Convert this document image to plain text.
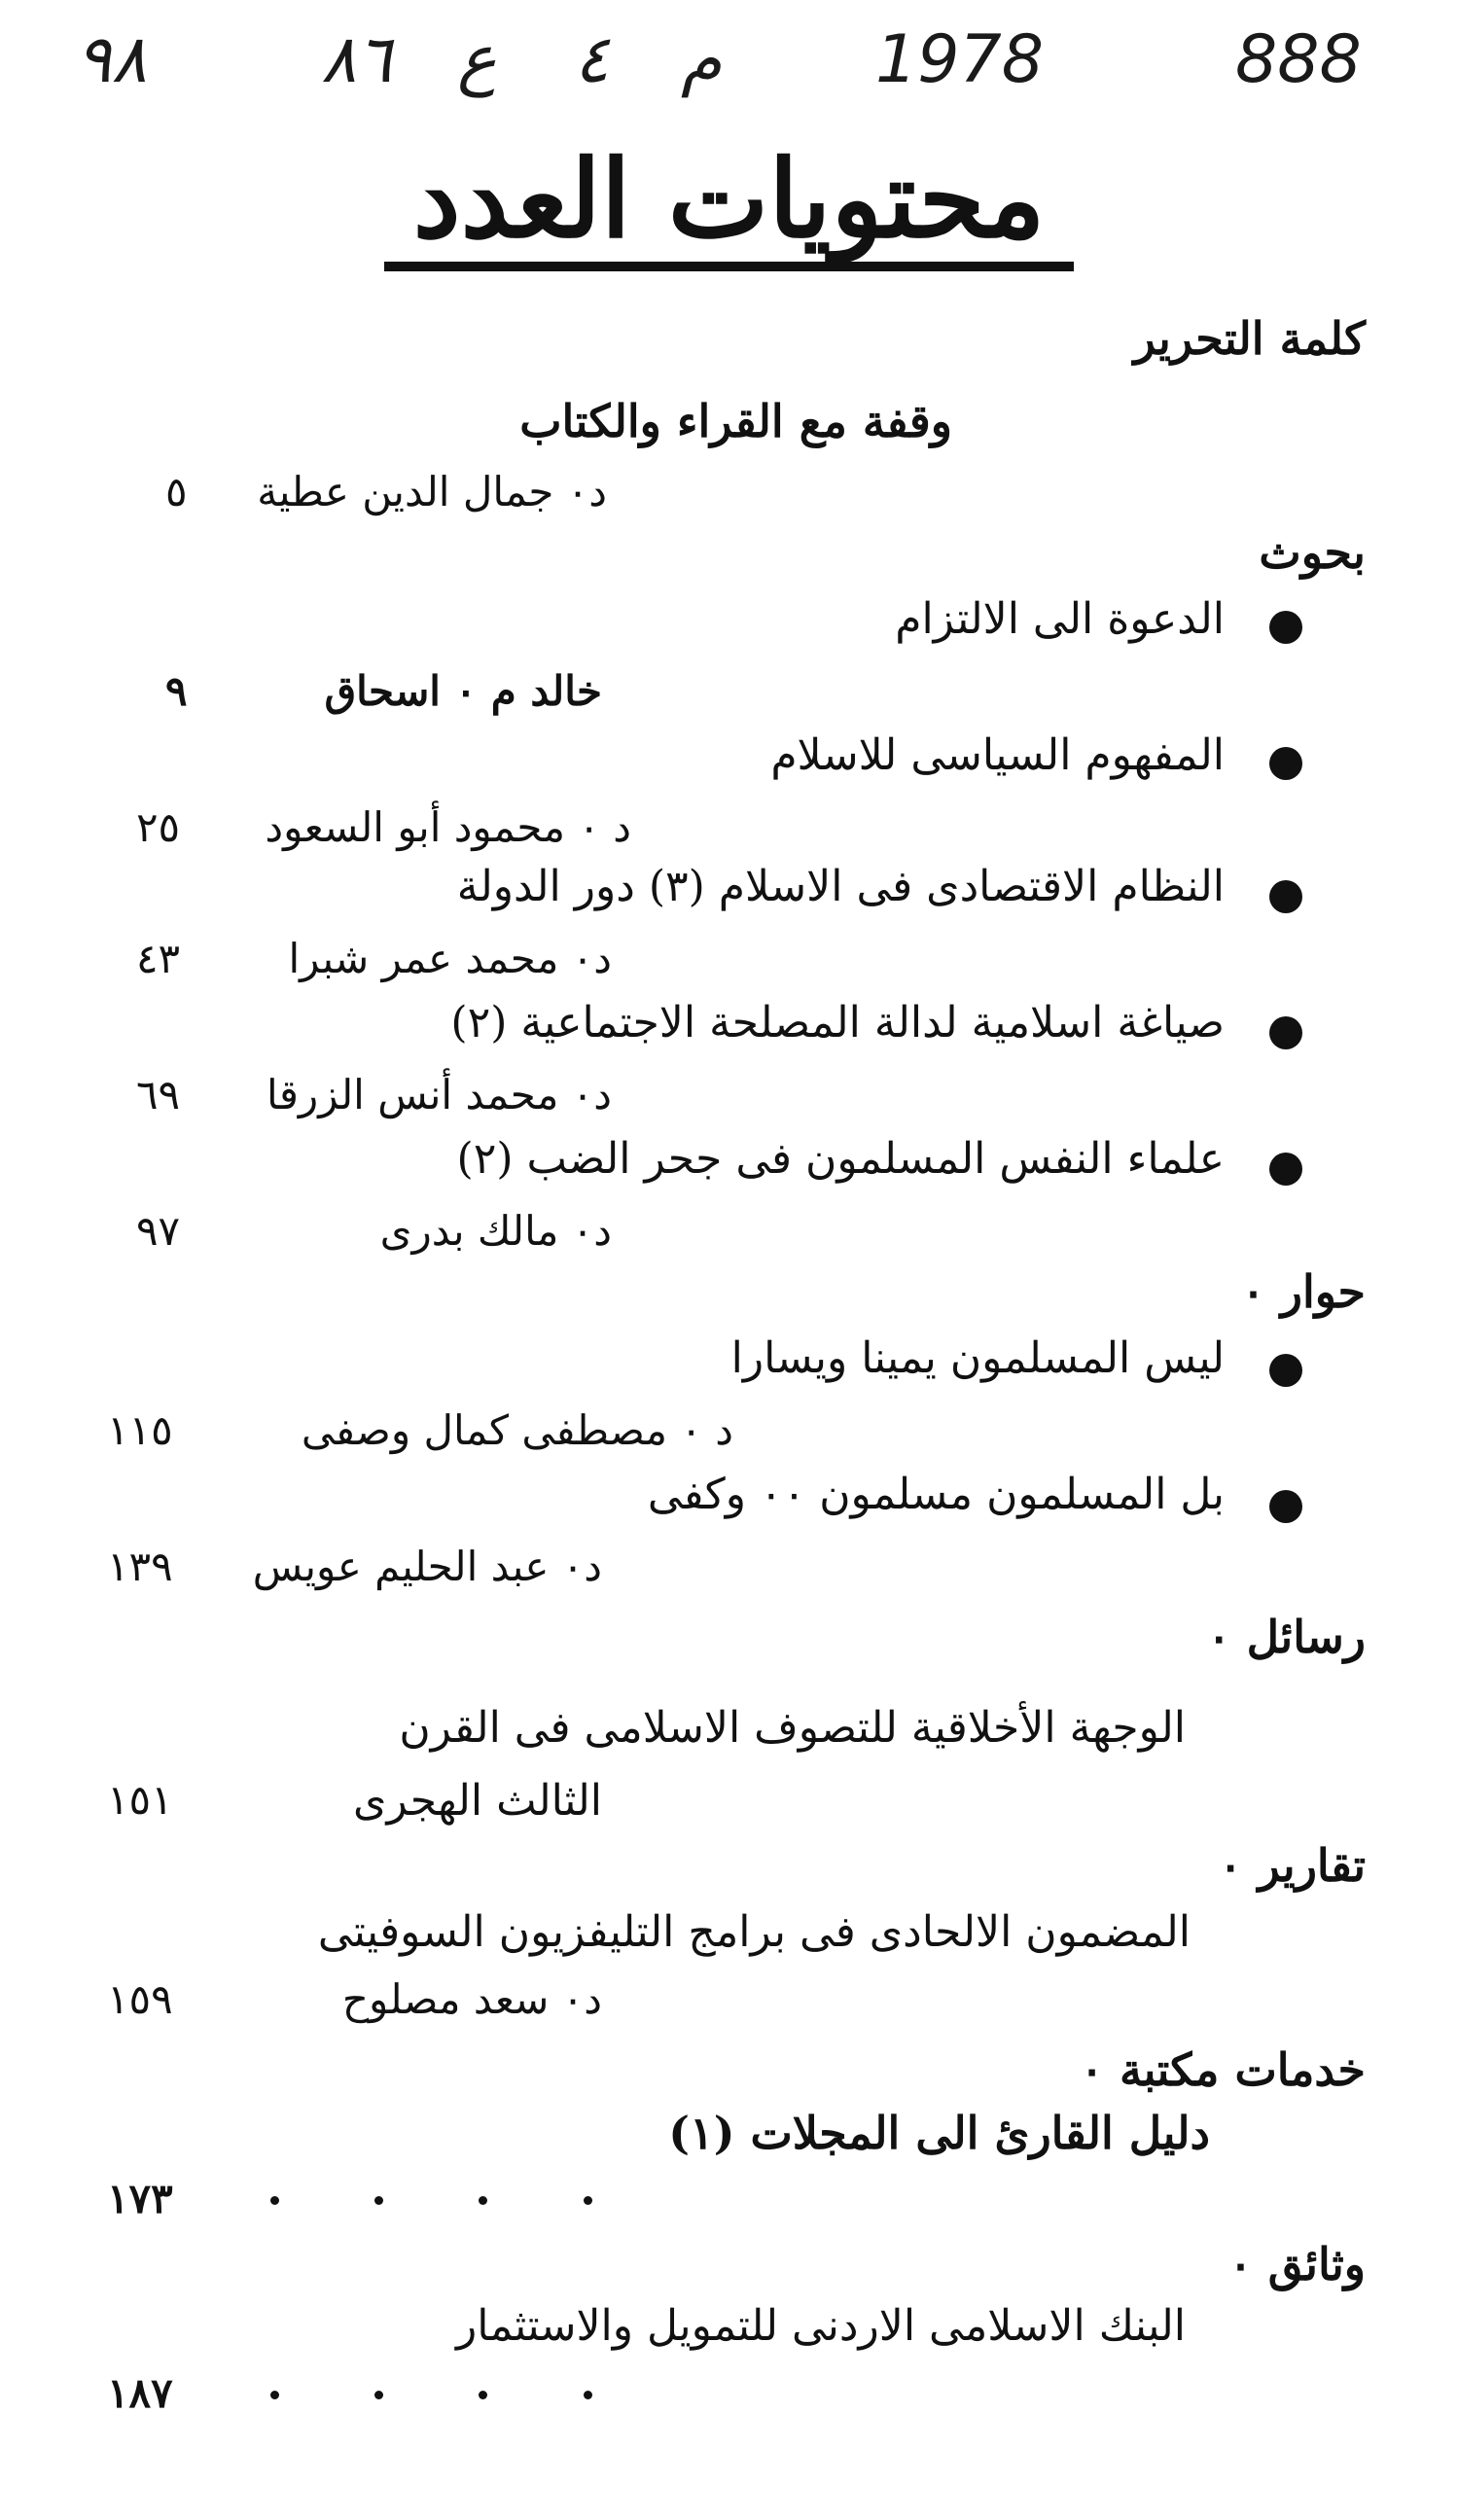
٩٨	٨٦ ع ٤ م 1978	888
محتويات العدد
كلمة التحرير
وقفة مع القراء والكتاب
د٠ جمال الدين عطية
٥
بحوث
الدعوة الى الالتزام
خالد م ٠ اسحاق
٩
المفهوم السياسى للاسلام
د ٠ محمود أبو السعود
٢٥
النظام الاقتصادى فى الاسلام (٣) دور الدولة
د٠ محمد عمر شبرا
٤٣
صياغة اسلامية لدالة المصلحة الاجتماعية (٢)
د٠ محمد أنس الزرقا
٦٩
علماء النفس المسلمون فى جحر الضب (٢)
د٠ مالك بدرى
٩٧
حوار ٠
ليس المسلمون يمينا ويسارا
د ٠ مصطفى كمال وصفى
١١٥
بل المسلمون مسلمون ٠٠ وكفى
د٠ عبد الحليم عويس
١٣٩
رسائل ٠
الوجهة الأخلاقية للتصوف الاسلامى فى القرن
الثالث الهجرى
١٥١
تقارير ٠
المضمون الالحادى فى برامج التليفزيون السوفيتى
د٠ سعد مصلوح
١٥٩
خدمات مكتبة ٠
دليل القارئ الى المجلات (١)
١٧٣
وثائق ٠
البنك الاسلامى الاردنى للتمويل والاستثمار
١٨٧
